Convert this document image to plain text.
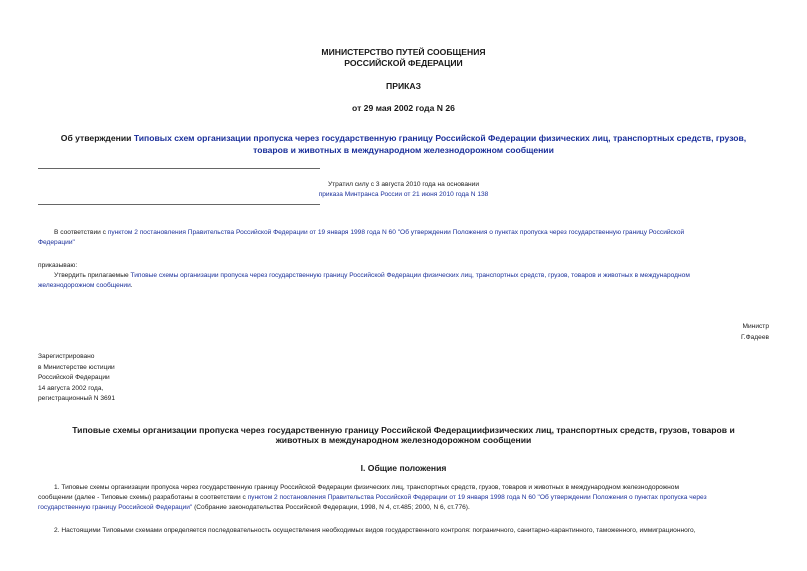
МИНИСТЕРСТВО ПУТЕЙ СООБЩЕНИЯ
РОССИЙСКОЙ ФЕДЕРАЦИИ
ПРИКАЗ
от 29 мая 2002 года N 26
Об утверждении Типовых схем организации пропуска через государственную границу Российской Федерации физических лиц, транспортных средств, грузов,
товаров и животных в международном железнодорожном сообщении
Утратил силу с 3 августа 2010 года на основании
приказа Минтранса России от 21 июня 2010 года N 138
В соответствии с пунктом 2 постановления Правительства Российской Федерации от 19 января 1998 года N 60 "Об утверждении Положения о пунктах пропуска через государственную границу Российской
Федерации"
приказываю:
Утвердить прилагаемые Типовые схемы организации пропуска через государственную границу Российской Федерации физических лиц, транспортных средств, грузов, товаров и животных в международном
железнодорожном сообщении.
Министр
Г.Фадеев
Зарегистрировано
в Министерстве юстиции
Российской Федерации
14 августа 2002 года,
регистрационный N 3691
Типовые схемы организации пропуска через государственную границу Российской Федерациифизических лиц, транспортных средств, грузов, товаров и
животных в международном железнодорожном сообщении
I. Общие положения
1. Типовые схемы организации пропуска через государственную границу Российской Федерации физических лиц, транспортных средств, грузов, товаров и животных в международном железнодорожном
сообщении (далее - Типовые схемы) разработаны в соответствии с пунктом 2 постановления Правительства Российской Федерации от 19 января 1998 года N 60 "Об утверждении Положения о пунктах пропуска через
государственную границу Российской Федерации" (Собрание законодательства Российской Федерации, 1998, N 4, ст.485; 2000, N 6, ст.776).
2. Настоящими Типовыми схемами определяется последовательность осуществления необходимых видов государственного контроля: пограничного, санитарно-карантинного, таможенного, иммиграционного,
